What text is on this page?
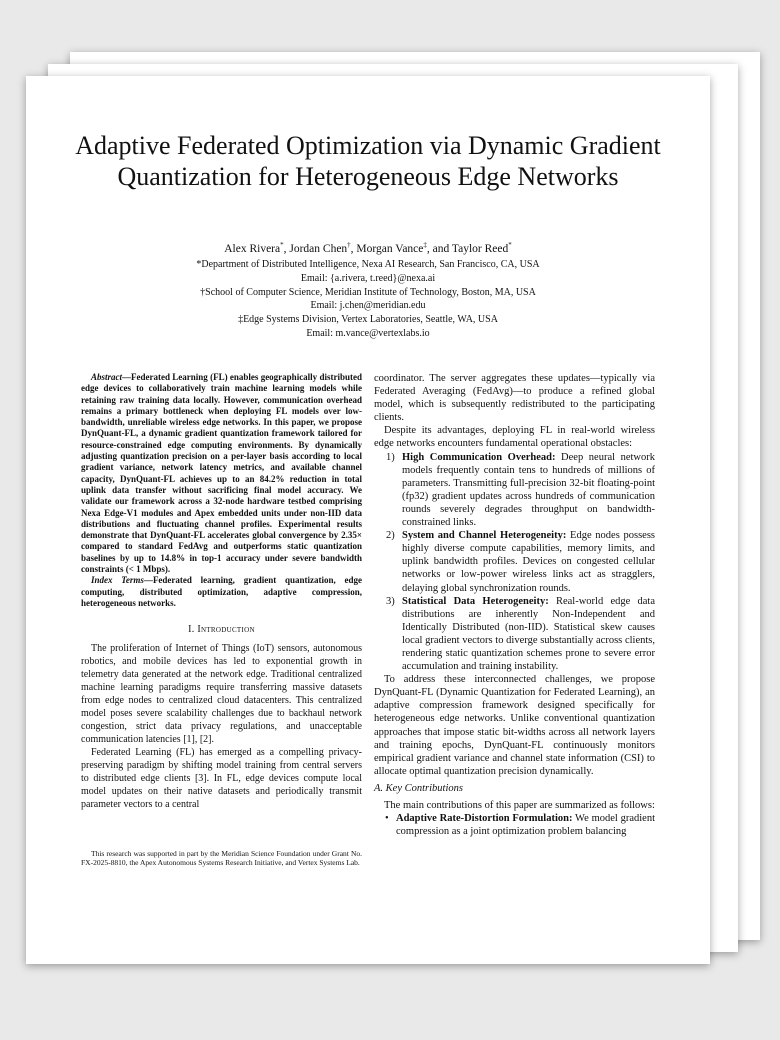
Adaptive Federated Optimization via Dynamic Gradient Quantization for Heterogeneous Edge Networks
Alex Rivera*, Jordan Chen†, Morgan Vance‡, and Taylor Reed*
*Department of Distributed Intelligence, Nexa AI Research, San Francisco, CA, USA
Email: {a.rivera, t.reed}@nexa.ai
†School of Computer Science, Meridian Institute of Technology, Boston, MA, USA
Email: j.chen@meridian.edu
‡Edge Systems Division, Vertex Laboratories, Seattle, WA, USA
Email: m.vance@vertexlabs.io

Abstract—Federated Learning (FL) enables geographically distributed edge devices to collaboratively train machine learning models while retaining raw training data locally. However, communication overhead remains a primary bottleneck when deploying FL models over low-bandwidth, unreliable wireless edge networks. In this paper, we propose DynQuant-FL, a dynamic gradient quantization framework tailored for resource-constrained edge computing environments. By dynamically adjusting quantization precision on a per-layer basis according to local gradient variance, network latency metrics, and available channel capacity, DynQuant-FL achieves up to an 84.2% reduction in total uplink data transfer without sacrificing final model accuracy. We validate our framework across a 32-node hardware testbed comprising Nexa Edge-V1 modules and Apex embedded units under non-IID data distributions and fluctuating channel profiles. Experimental results demonstrate that DynQuant-FL accelerates global convergence by 2.35× compared to standard FedAvg and outperforms static quantization baselines by up to 14.8% in top-1 accuracy under severe bandwidth constraints (< 1 Mbps).

Index Terms—Federated learning, gradient quantization, edge computing, distributed optimization, adaptive compression, heterogeneous networks.

I. Introduction

The proliferation of Internet of Things (IoT) sensors, autonomous robotics, and mobile devices has led to exponential growth in telemetry data generated at the network edge. Traditional centralized machine learning paradigms require transferring massive datasets from edge nodes to centralized cloud datacenters. This centralized model poses severe scalability challenges due to backhaul network congestion, strict data privacy regulations, and unacceptable communication latencies [1], [2].

Federated Learning (FL) has emerged as a compelling privacy-preserving paradigm by shifting model training from central servers to distributed edge clients [3]. In FL, edge devices compute local model updates on their native datasets and periodically transmit parameter vectors to a central

This research was supported in part by the Meridian Science Foundation under Grant No. FX-2025-8810, the Apex Autonomous Systems Research Initiative, and Vertex Systems Lab.

coordinator. The server aggregates these updates—typically via Federated Averaging (FedAvg)—to produce a refined global model, which is subsequently redistributed to the participating clients.

Despite its advantages, deploying FL in real-world wireless edge networks encounters fundamental operational obstacles:

1) High Communication Overhead: Deep neural network models frequently contain tens to hundreds of millions of parameters. Transmitting full-precision 32-bit floating-point (fp32) gradient updates across hundreds of communication rounds severely degrades throughput on bandwidth-constrained links.
2) System and Channel Heterogeneity: Edge nodes possess highly diverse compute capabilities, memory limits, and uplink bandwidth profiles. Devices on congested cellular networks or low-power wireless links act as stragglers, delaying global synchronization rounds.
3) Statistical Data Heterogeneity: Real-world edge data distributions are inherently Non-Independent and Identically Distributed (non-IID). Statistical skew causes local gradient vectors to diverge substantially across clients, rendering static quantization schemes prone to severe error accumulation and training instability.

To address these interconnected challenges, we propose DynQuant-FL (Dynamic Quantization for Federated Learning), an adaptive compression framework designed specifically for heterogeneous edge networks. Unlike conventional quantization approaches that impose static bit-widths across all network layers and training epochs, DynQuant-FL continuously monitors empirical gradient variance and channel state information (CSI) to allocate optimal quantization precision dynamically.

A. Key Contributions

The main contributions of this paper are summarized as follows:

• Adaptive Rate-Distortion Formulation: We model gradient compression as a joint optimization problem balancing
